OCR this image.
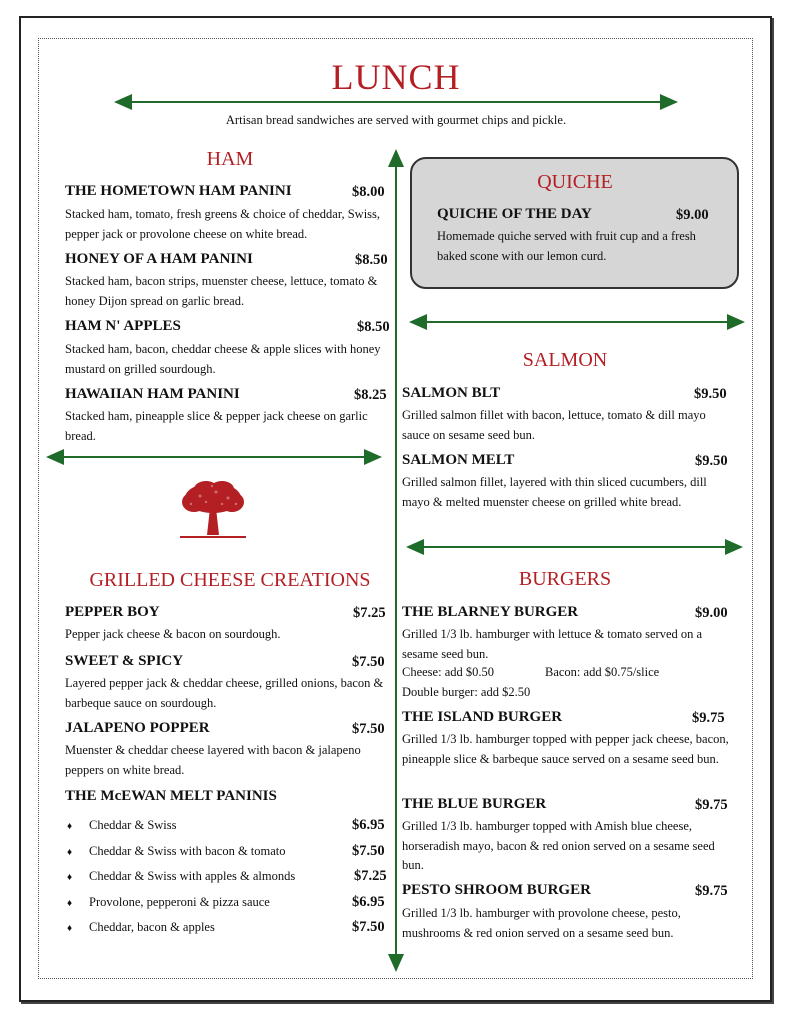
LUNCH
Artisan bread sandwiches are served with gourmet chips and pickle.
HAM
THE HOMETOWN HAM PANINI	$8.00
Stacked ham, tomato, fresh greens & choice of cheddar, Swiss, pepper jack or provolone cheese on white bread.
HONEY OF A HAM PANINI	$8.50
Stacked ham, bacon strips, muenster cheese, lettuce, tomato & honey Dijon spread on garlic bread.
HAM N' APPLES	$8.50
Stacked ham, bacon, cheddar cheese & apple slices with honey mustard on grilled sourdough.
HAWAIIAN HAM PANINI	$8.25
Stacked ham, pineapple slice & pepper jack cheese on garlic bread.
GRILLED CHEESE CREATIONS
PEPPER BOY	$7.25
Pepper jack cheese & bacon on sourdough.
SWEET & SPICY	$7.50
Layered pepper jack & cheddar cheese, grilled onions, bacon & barbeque sauce on sourdough.
JALAPENO POPPER	$7.50
Muenster & cheddar cheese layered with bacon & jalapeno peppers on white bread.
THE McEWAN MELT PANINIS
♦ Cheddar & Swiss	$6.95
♦ Cheddar & Swiss with bacon & tomato	$7.50
♦ Cheddar & Swiss with apples & almonds	$7.25
♦ Provolone, pepperoni & pizza sauce	$6.95
♦ Cheddar, bacon & apples	$7.50
QUICHE
QUICHE OF THE DAY	$9.00
Homemade quiche served with fruit cup and a fresh baked scone with our lemon curd.
SALMON
SALMON BLT	$9.50
Grilled salmon fillet with bacon, lettuce, tomato & dill mayo sauce on sesame seed bun.
SALMON MELT	$9.50
Grilled salmon fillet, layered with thin sliced cucumbers, dill mayo & melted muenster cheese on grilled white bread.
BURGERS
THE BLARNEY BURGER	$9.00
Grilled 1/3 lb. hamburger with lettuce & tomato served on a sesame seed bun.
Cheese: add $0.50	Bacon: add $0.75/slice
Double burger: add $2.50
THE ISLAND BURGER	$9.75
Grilled 1/3 lb. hamburger topped with pepper jack cheese, bacon, pineapple slice & barbeque sauce served on a sesame seed bun.
THE BLUE BURGER	$9.75
Grilled 1/3 lb. hamburger topped with Amish blue cheese, horseradish mayo, bacon & red onion served on a sesame seed bun.
PESTO SHROOM BURGER	$9.75
Grilled 1/3 lb. hamburger with provolone cheese, pesto, mushrooms & red onion served on a sesame seed bun.
